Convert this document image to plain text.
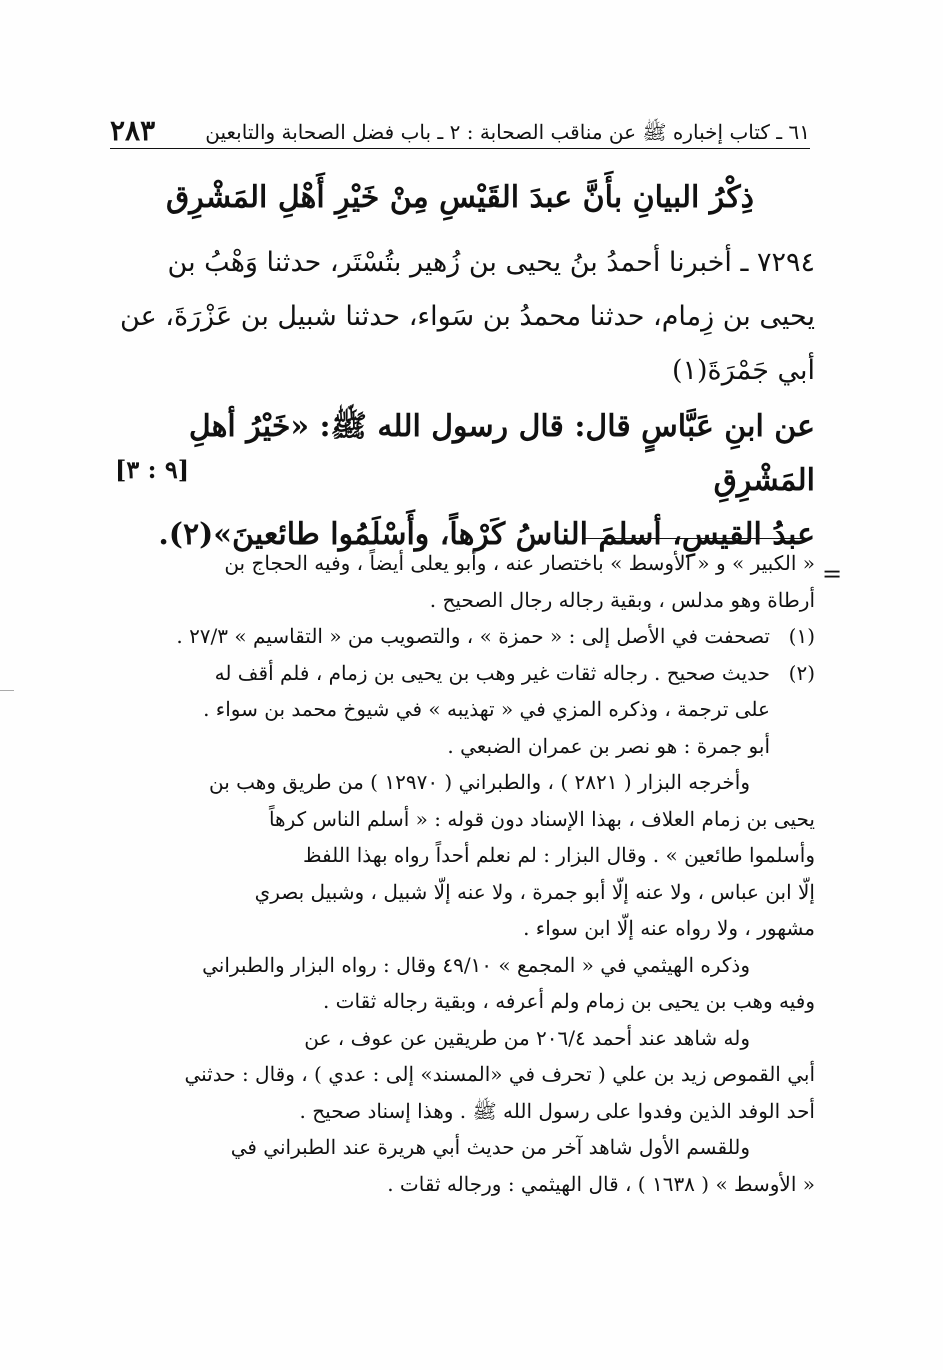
٦١ ـ كتاب إخباره ﷺ عن مناقب الصحابة : ٢ ـ باب فضل الصحابة والتابعين
٢٨٣
ذِكْرُ البيانِ بأَنَّ عبدَ القَيْسِ مِنْ خَيْرِ أَهْلِ المَشْرِق

٧٢٩٤ ـ أخبرنا أحمدُ بنُ يحيى بن زُهير بتُسْتَر، حدثنا وَهْبُ بن

يحيى بن زِمام، حدثنا محمدُ بن سَواء، حدثنا شبيل بن عَزْرَةَ، عن

أبي جَمْرَةَ(١)

عن ابنِ عَبَّاسٍ قال: قال رسول الله ﷺ: «خَيْرُ أهلِ المَشْرِقِ

عبدُ القيسِ، أسلمَ الناسُ كَرْهاً، وأَسْلَمُوا طائعينَ»(٢).

[٩ : ٣]
=
« الكبير » و « الأوسط » باختصار عنه ، وأبو يعلى أيضاً ، وفيه الحجاج بن
أرطاة وهو مدلس ، وبقية رجاله رجال الصحيح .
(١)تصحفت في الأصل إلى : « حمزة » ، والتصويب من « التقاسيم » ٢٧/٣ .
(٢)حديث صحيح . رجاله ثقات غير وهب بن يحيى بن زمام ، فلم أقف له
على ترجمة ، وذكره المزي في « تهذيبه » في شيوخ محمد بن سواء .
أبو جمرة : هو نصر بن عمران الضبعي .
وأخرجه البزار ( ٢٨٢١ ) ، والطبراني ( ١٢٩٧٠ ) من طريق وهب بن
يحيى بن زمام العلاف ، بهذا الإسناد دون قوله : « أسلم الناس كرهاً
وأسلموا طائعين » . وقال البزار : لم نعلم أحداً رواه بهذا اللفظ
إلّا ابن عباس ، ولا عنه إلّا أبو جمرة ، ولا عنه إلّا شبيل ، وشبيل بصري
مشهور ، ولا رواه عنه إلّا ابن سواء .
وذكره الهيثمي في « المجمع » ٤٩/١٠ وقال : رواه البزار والطبراني
وفيه وهب بن يحيى بن زمام ولم أعرفه ، وبقية رجاله ثقات .
وله شاهد عند أحمد ٢٠٦/٤ من طريقين عن عوف ، عن
أبي القموص زيد بن علي ( تحرف في «المسند» إلى : عدي ) ، وقال : حدثني
أحد الوفد الذين وفدوا على رسول الله ﷺ . وهذا إسناد صحيح .
وللقسم الأول شاهد آخر من حديث أبي هريرة عند الطبراني في
« الأوسط » ( ١٦٣٨ ) ، قال الهيثمي : ورجاله ثقات .
